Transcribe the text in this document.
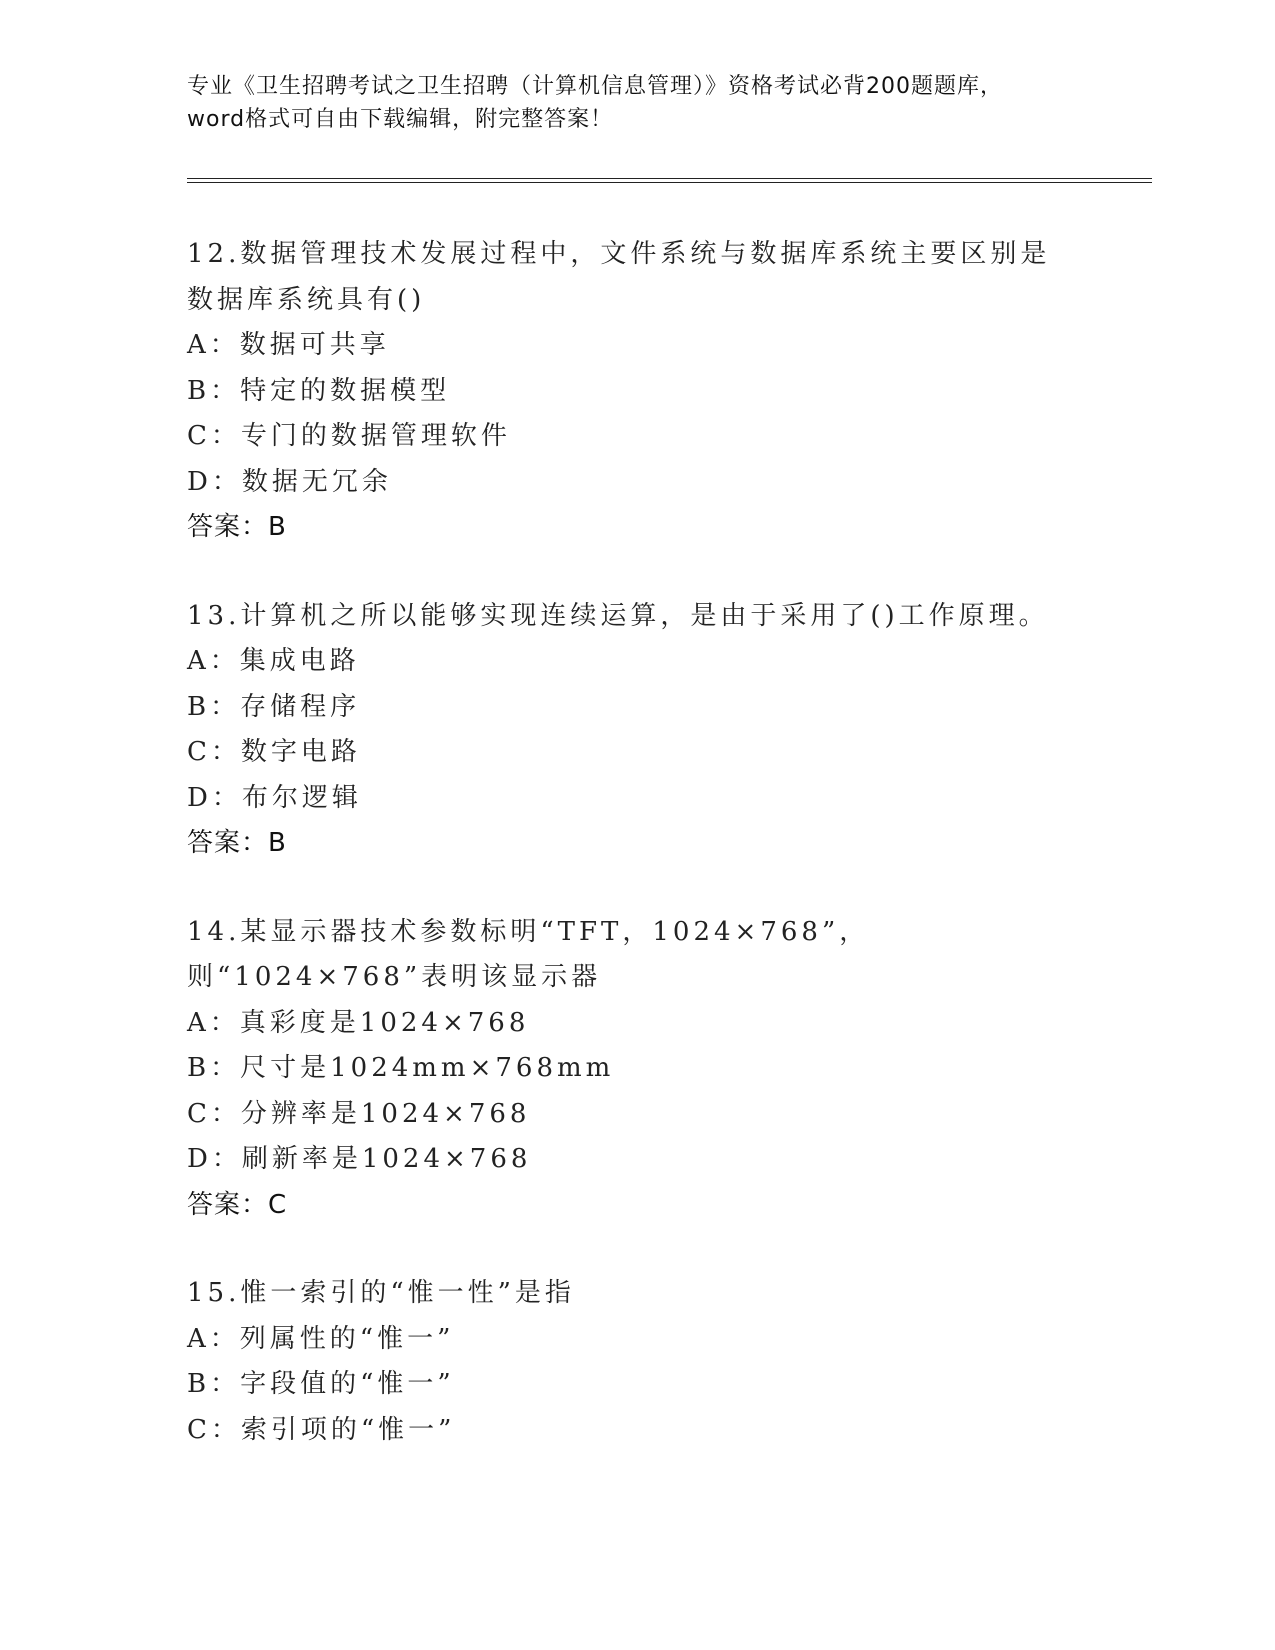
专业《卫生招聘考试之卫生招聘（计算机信息管理）》资格考试必背200题题库，
word格式可自由下载编辑，附完整答案！
12.数据管理技术发展过程中，文件系统与数据库系统主要区别是数据库系统具有()
A：数据可共享
B：特定的数据模型
C：专门的数据管理软件
D：数据无冗余
答案：B
13.计算机之所以能够实现连续运算，是由于采用了()工作原理。
A：集成电路
B：存储程序
C：数字电路
D：布尔逻辑
答案：B
14.某显示器技术参数标明“TFT，1024×768”，则“1024×768”表明该显示器
A：真彩度是1024×768
B：尺寸是1024mm×768mm
C：分辨率是1024×768
D：刷新率是1024×768
答案：C
15.惟一索引的“惟一性”是指
A：列属性的“惟一”
B：字段值的“惟一”
C：索引项的“惟一”
